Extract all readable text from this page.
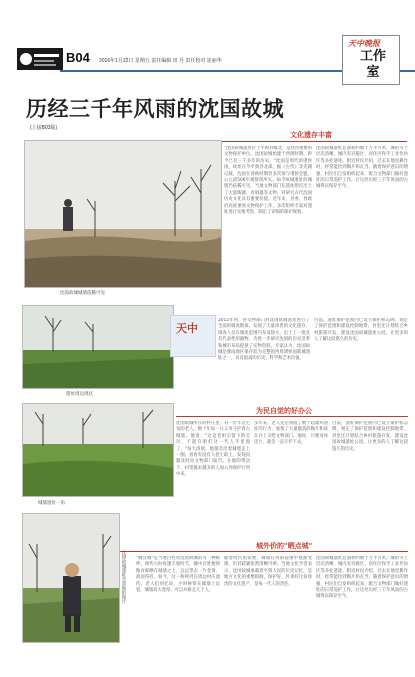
B04 2016年1月22日 星期五 责任编辑 田 丹 责任校对 崔丽华
天中晚报
工作室
历经三千年风雨的沈国故城
(上接B03版)
文化遗存丰富
沈国故城城墙依稀可见
遗址周边现状
天中
城墙遗址一角
"沈国故城遗址位于平舆县城北，是我县重要的文物保护单位。沈国故城始建于西周时期，距今已有三千多年的历史。"沈国是周代的诸侯国，故址在今平舆县北部。据《左传》等史籍记载，沈国在春秋时期曾多次参与诸侯会盟，公元前506年被蔡国所灭。如今故城遗址的城墙仍依稀可见，当地文物部门在遗址附近出土了大量陶器、青铜器等文物，对研究古代沈国历史文化具有重要价值。近年来，县委、县政府高度重视文物保护工作，多次组织专家对遗址进行实地考察，制定了详细的保护规划。
沈国故城遗址总面积约数十万平方米，城垣夯土层次清晰，城内有宫殿区、居住区和手工业作坊区等多处遗迹。附近村民介绍，过去在地里耕作时，经常能捡到陶片和瓦当。随着保护意识的增强，村民们自发组织起来，配合文物部门做好遗址的日常巡护工作，让这处历经三千年风雨的古城得以保存至今。
2015年初，县文物部门对沈国故城遗址进行了全面的调查勘探，发现了大量珍贵的文化遗存。调查人员在城址范围内布设探方，出土了一批具有代表性的器物，为进一步研究沈国的历史沿革和城市布局提供了实物资料。专家认为，沈国故城是豫南地区保存较为完整的西周诸侯国都城遗址之一，具有很高的历史、科学和艺术价值。
目前，遗址保护范围内已设立保护标志碑，划定了保护范围和建设控制地带。县里还计划结合乡村旅游开发，建设沈国故城遗址公园，让更多的人了解这段悠久的历史。
为民自觉的好办公
沈国故城所在的村庄里，有一位年近七旬的老人，数十年如一日义务守护着古城墙。他说："这是老祖宗留下的宝贝，不能在咱们这一代人手里毁了。"每天清晨，他都会沿着城墙走上一圈，看看有没有人挖土取土，发现问题及时向文物部门报告。在他的带动下，村里越来越多的人加入到保护行列中来。
多年来，老人先后劝阻了数十起破坏遗址的行为，收集了大量散落的陶片和砖瓦并上交给文物部门。他说，只要身体还行，就会一直守护下去。
目前，遗址保护范围内已设立保护标志碑，划定了保护范围和建设控制地带。县里还计划结合乡村旅游开发，建设沈国故城遗址公园，让更多的人了解这段悠久的历史。
城外价的"晒点城"
沈国故城遗址全景航拍图片 "晒点城"是当地百姓对沈国故城的另一种称呼。相传古时每逢丰收时节，城中百姓便将粮食晾晒在城墙之上，远远望去一片金黄，故而得名。如今，这一称呼仍在周边村庄流传。老人们回忆说，小时候常在城墙上玩耍，城墙高大宽厚，可以并排走几个人。
随着时代的发展，城墙在风雨侵蚀中逐渐变矮，但其轮廓依然清晰可辨。当地文化学者表示，沈国故城承载着平舆人民的历史记忆，是地方文化的重要根脉，保护好、传承好这份珍贵的文化遗产，是每一代人的责任。
沈国故城遗址总面积约数十万平方米，城垣夯土层次清晰，城内有宫殿区、居住区和手工业作坊区等多处遗迹。附近村民介绍，过去在地里耕作时，经常能捡到陶片和瓦当。随着保护意识的增强，村民们自发组织起来，配合文物部门做好遗址的日常巡护工作，让这处历经三千年风雨的古城得以保存至今。
